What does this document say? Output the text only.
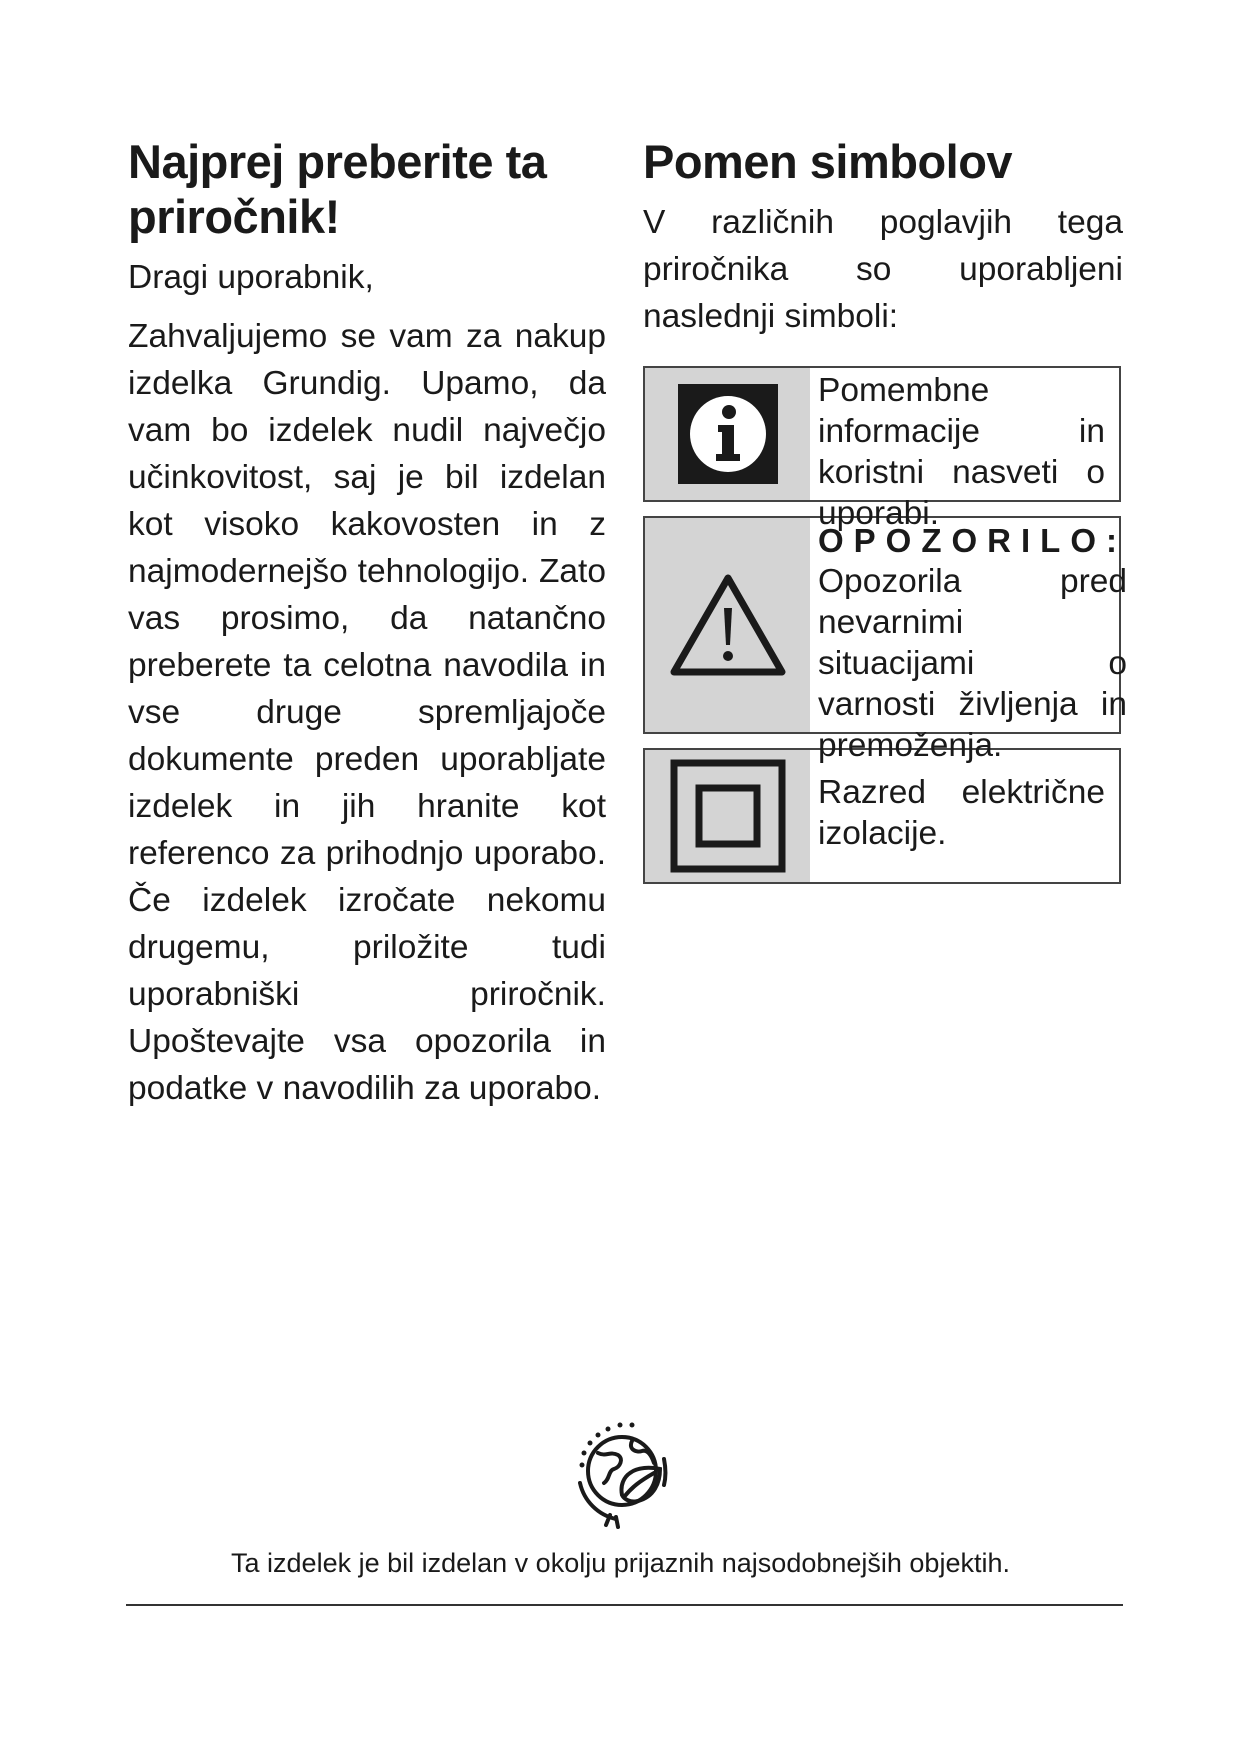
Najprej preberite ta priročnik!

Dragi uporabnik,

Zahvaljujemo se vam za nakup izdelka Grundig. Upamo, da vam bo izdelek nudil največjo učinkovitost, saj je bil izdelan kot visoko kakovosten in z najmodernejšo tehnologijo. Zato vas prosimo, da natančno preberete ta celotna navodila in vse druge spremljajoče dokumente preden uporabljate izdelek in jih hranite kot referenco za prihodnjo uporabo. Če izdelek izročate nekomu drugemu, priložite tudi uporabniški priročnik. Upoštevajte vsa opozorila in podatke v navodilih za uporabo.

Pomen simbolov

V različnih poglavjih tega priročnika so uporabljeni naslednji simboli:

Pomembne informacije in koristni nasveti o uporabi.
OPOZORILO:
Opozorila pred nevarnimi situacijami o varnosti življenja in premoženja.
Razred električne izolacije.
Ta izdelek je bil izdelan v okolju prijaznih najsodobnejših objektih.
